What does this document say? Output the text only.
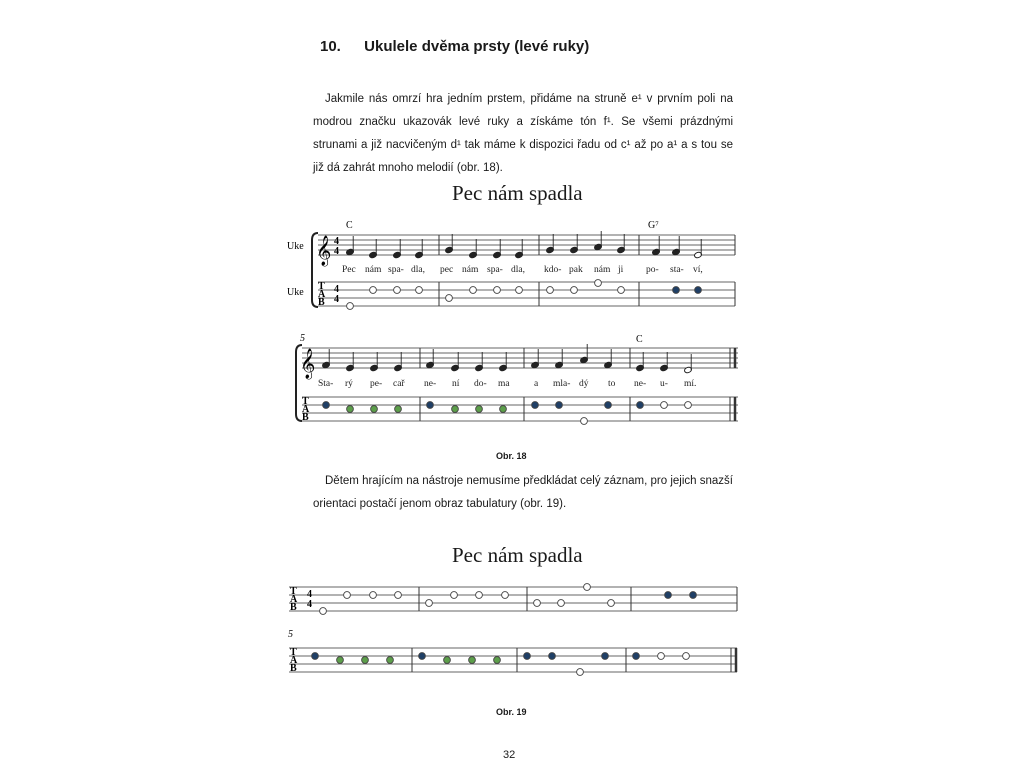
10. Ukulele dvěma prsty (levé ruky)

Jakmile nás omrzí hra jedním prstem, přidáme na struně e¹ v prvním poli na modrou značku ukazovák levé ruky a získáme tón f¹. Se všemi prázdnými strunami a již nacvičeným d¹ tak máme k dispozici řadu od c¹ až po a¹ a s tou se již dá zahrát mnoho melodií (obr. 18).

Pec nám spadla
Uke
Uke
𝄞 4
4
C	G⁷
Pec nám spa- dla, pec nám spa- dla, kdo- pak nám ji po- sta- ví,
T
A
B
4
4
5
𝄞
C
Sta- rý pe- cař ne- ní do- ma	a mla- dý to ne- u- mí.
T
A
B
T
A
B
4
4
5
T
A
B
Obr. 18

Dětem hrajícím na nástroje nemusíme předkládat celý záznam, pro jejich snazší orientaci postačí jenom obraz tabulatury (obr. 19).

Pec nám spadla
Obr. 19
32
